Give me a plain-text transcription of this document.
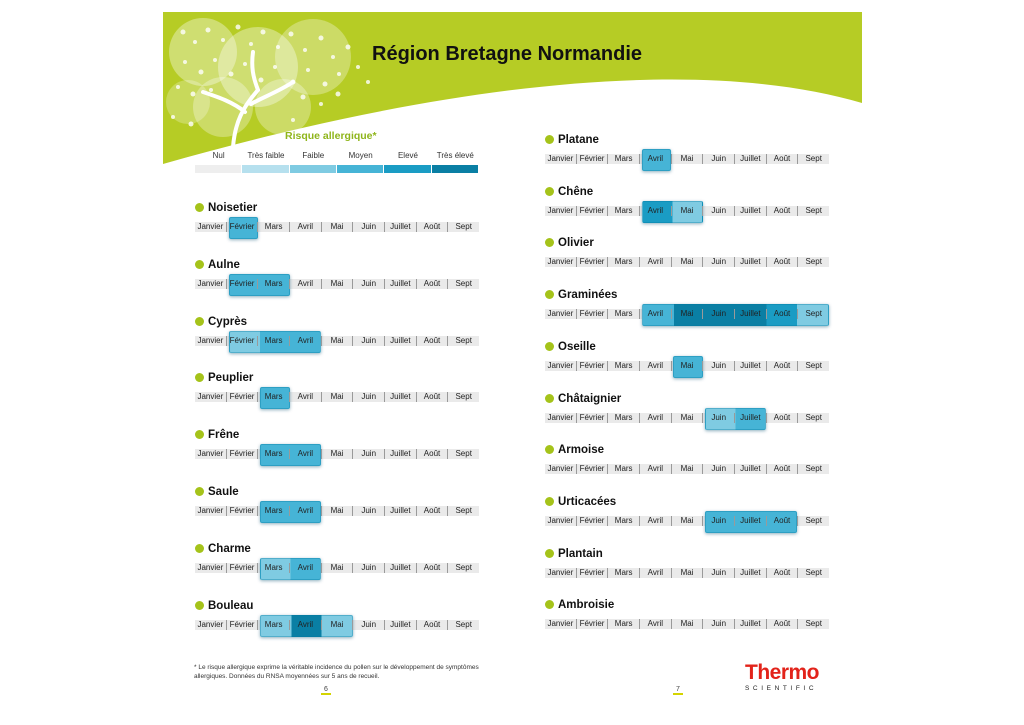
Région Bretagne Normandie
Risque allergique*
Nul	Très faible	Faible	Moyen	Elevé	Très élevé
Noisetier
Janvier Février	Mars	Avril	Mai	Juin	Juillet	Août	Sept
Aulne
Janvier Février	Mars	Avril	Mai	Juin	Juillet	Août	Sept
Cyprès
Janvier Février	Mars	Avril	Mai	Juin	Juillet	Août	Sept
Peuplier
Janvier Février	Mars	Avril	Mai	Juin	Juillet	Août	Sept
Frêne
Janvier Février	Mars	Avril	Mai	Juin	Juillet	Août	Sept
Saule
Janvier Février	Mars	Avril	Mai	Juin	Juillet	Août	Sept
Charme
Janvier Février	Mars	Avril	Mai	Juin	Juillet	Août	Sept
Bouleau
Janvier Février	Mars	Avril	Mai	Juin	Juillet	Août	Sept
Platane
Janvier Février	Mars	Avril	Mai	Juin	Juillet	Août	Sept
Chêne
Janvier Février	Mars	Avril	Mai	Juin	Juillet	Août	Sept
Olivier
Janvier Février	Mars	Avril	Mai	Juin	Juillet	Août	Sept
Graminées
Janvier Février	Mars	Avril	Mai	Juin	Juillet	Août	Sept
Oseille
Janvier Février	Mars	Avril	Mai	Juin	Juillet	Août	Sept
Châtaignier
Janvier Février	Mars	Avril	Mai	Juin	Juillet	Août	Sept
Armoise
Janvier Février	Mars	Avril	Mai	Juin	Juillet	Août	Sept
Urticacées
Janvier Février	Mars	Avril	Mai	Juin	Juillet	Août	Sept
Plantain
Janvier Février	Mars	Avril	Mai	Juin	Juillet	Août	Sept
Ambroisie
Janvier Février	Mars	Avril	Mai	Juin	Juillet	Août	Sept
* Le risque allergique exprime la véritable incidence du pollen sur le développement de symptômes allergiques. Données du RNSA moyennées sur 5 ans de recueil.
6	7
Thermo
SCIENTIFIC
